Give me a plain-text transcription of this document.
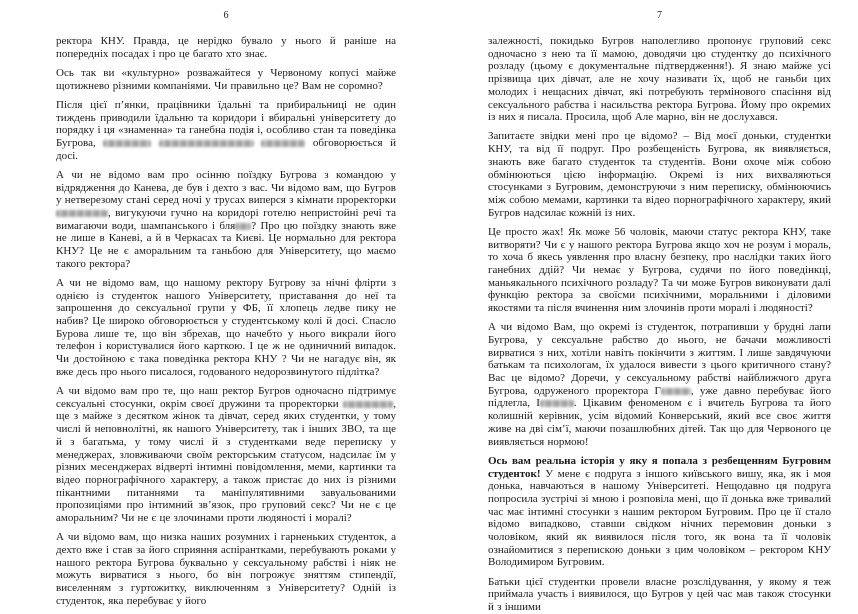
6

ректора КНУ. Правда, це нерідко бувало у нього й раніше на попередніх посадах і про це багато хто знає.

Ось так ви «культурно» розважайтеся у Червоному копусі майже щотижнево різними компаніями. Чи правильно це? Вам не соромно?

Після цієї п’янки, працівники їдальні та прибиральниці не один тиждень приводили їдальню та коридори і вбиральні університету до порядку і ця «знаменна» та ганебна подія і, особливо стан та поведінка Бугрова,	обговорюється й досі.

А чи не відомо вам про осінню поїздку Бугрова з командою у відрядження до Канева, де був і дехто з вас. Чи відомо вам, що Бугров у нетверезому стані серед ночі у трусах виперся з кімнати проректорки , вигукуючи гучно на коридорі готелю непристойні речі та вимагаючи води, шампанського і бля ? Про цю поїздку знають вже не лише в Каневі, а й в Черкасах та Києві. Це нормально для ректора КНУ? Це не є аморальним та ганьбою для Університету, що маємо такого ректора?

А чи не відомо вам, що нашому ректору Бугрову за нічні флірти з однією із студенток нашого Університету, приставання до неї та запрошення до сексуальної групи у ФБ, її хлопець ледве пику не набив? Це широко обговорюється у студентському колі й досі. Спасло Бурова лише те, що він збрехав, що начебто у нього викрали його телефон і користувалися його карткою. І це ж не одиничний випадок. Чи достойною є така поведінка ректора КНУ ? Чи не нагадує він, як вже десь про нього писалося, годованого недорозвинутого підлітка?

А чи відомо вам про те, що наш ректор Бугров одночасно підтримує сексуальні стосунки, окрім своєї дружини та проректорки	, ще з майже з десятком жінок та дівчат, серед яких студентки, у тому числі й неповнолітні, як нашого Університету, так і інших ЗВО, та ще й з багатьма, у тому числі й з студентками веде переписку у менеджерах, зловживаючи своїм ректорським статусом, надсилає їм у різних месенджерах відверті інтимні повідомлення, меми, картинки та відео порнографічного характеру, а також пристає до них із різними пікантними питаннями та маніпулятивними завуальованими пропозиціями про інтимний зв’язок, про груповий секс? Чи не є це аморальним? Чи не є це злочинами проти людяності і моралі?

А чи відомо вам, що низка наших розумних і гарненьких студенток, а дехто вже і став за його сприяння аспірантками, перебувають роками у нашого ректора Бугрова буквально у сексуальному рабстві і ніяк не можуть вирватися з нього, бо він погрожує зняттям стипендії, виселенням з гуртожитку, виключенням з Університету? Одній із студенток, яка перебуває у його

7

залежності, покидько Бугров наполегливо пропонує груповий секс одночасно з нею та її мамою, доводячи цю студентку до психічного розладу (цьому є документальне підтвердження!). Я знаю майже усі прізвища цих дівчат, але не хочу називати їх, щоб не ганьби цих молодих і нещасних дівчат, які потребують термінового спасіння від сексуального рабства і насильства ректора Бугрова. Йому про окремих із них я писала. Просила, щоб Але марно, він не дослухався.

Запитаєте звідки мені про це відомо? – Від моєї доньки, студентки КНУ, та від її подруг. Про розбещеність Бугрова, як виявляється, знають вже багато студенток та студентів. Вони охоче між собою обмінюються цією інформацію. Окремі із них вихваляються стосунками з Бугровим, демонструючи з ним переписку, обмінюючись між собою мемами, картинки та відео порнографічного характеру, який Бугров надсилає кожній із них.

Це просто жах! Як може 56 чоловік, маючи статус ректора КНУ, таке витворяти? Чи є у нашого ректора Бугрова якщо хоч не розум і мораль, то хоча б якесь уявлення про власну безпеку, про наслідки таких його ганебних ддій? Чи немає у Бугрова, судячи по його поведінкці, маньякального психічного розладу? Та чи може Бугров виконувати далі функцію ректора за своїсми психічними, моральними і діловими якостями та після вчинення ним злочинів проти моралі і людяності?

А чи відомо Вам, що окремі із студенток, потрапивши у брудні лапи Бугрова, у сексуальне рабство до нього, не бачачи можливості вирватися з них, хотіли навіть покінчити з життям. І лише завдячуючи батькам та психологам, їх удалося вивести з цього критичного стану? Вас це відомо? Доречи, у сексуальному рабстві найближчого друга Бугрова, одруженого проректора Г	, уже давно перебуває його підлегла, І	. Цікавим феноменом є і вчитель Бугрова та його колишній керівник, усім відомий Конверський, який все своє життя живе на дві сім’ї, маючи позашлюбних дітей. Так що для Червоного це виявляється нормою!

Ось вам реальна історія у яку я попала з резбещенням Бугровим студенток! У мене є подруга з іншого київського вишу, яка, як і моя донька, навчаються в нашому Університеті. Нещодавно ця подруга попросила зустрічі зі мною і розповіла мені, що її донька вже тривалий час має інтимні стосунки з нашим ректором Бугровим. Про це її стало відомо випадково, ставши свідком нічних перемовин доньки з чоловіком, який як виявилося після того, як вона та її чоловік ознайомитися з перепискою доньки з цим чоловіком – ректором КНУ Володимиром Бугровим.

Батьки цієї студентки провели власне розслідування, у якому я теж приймала участь і виявилося, що Бугров у цей час мав також стосунки й з іншими
